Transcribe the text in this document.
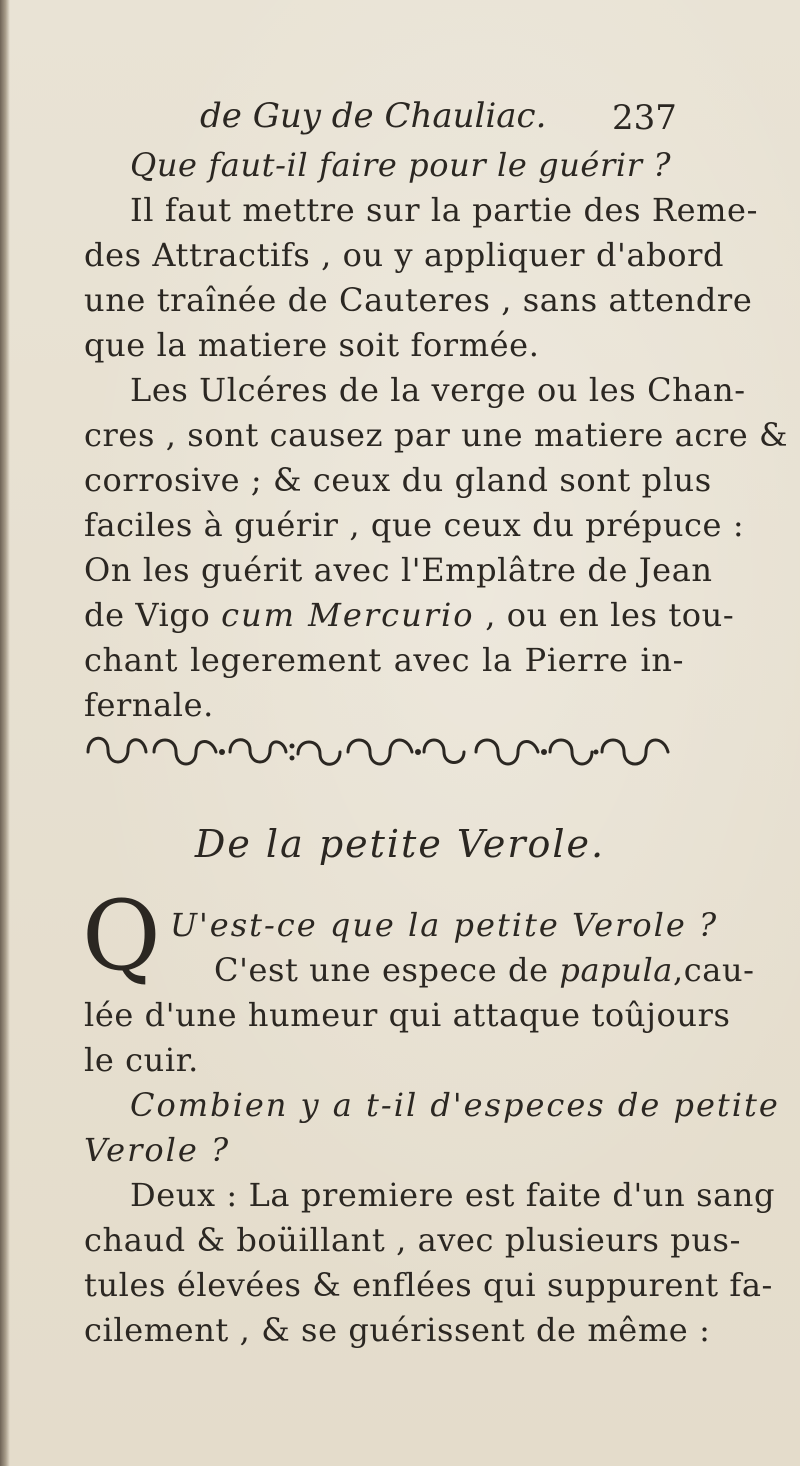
de Guy de Chauliac. 237
Que faut-il faire pour le guérir ?
Il faut mettre sur la partie des Reme-
des Attractifs , ou y appliquer d'abord
une traînée de Cauteres , sans attendre
que la matiere soit formée.
Les Ulcéres de la verge ou les Chan-
cres , sont causez par une matiere acre &
corrosive ; & ceux du gland sont plus
faciles à guérir , que ceux du prépuce :
On les guérit avec l'Emplâtre de Jean
de Vigo cum Mercurio , ou en les tou-
chant legerement avec la Pierre in-
fernale.
De la petite Verole.
Q U'est-ce que la petite Verole ?
C'est une espece de papula,cau-
lée d'une humeur qui attaque toûjours
le cuir.
Combien y a t-il d'especes de petite
Verole ?
Deux : La premiere est faite d'un sang
chaud & boüillant , avec plusieurs pus-
tules élevées & enflées qui suppurent fa-
cilement , & se guérissent de même :
